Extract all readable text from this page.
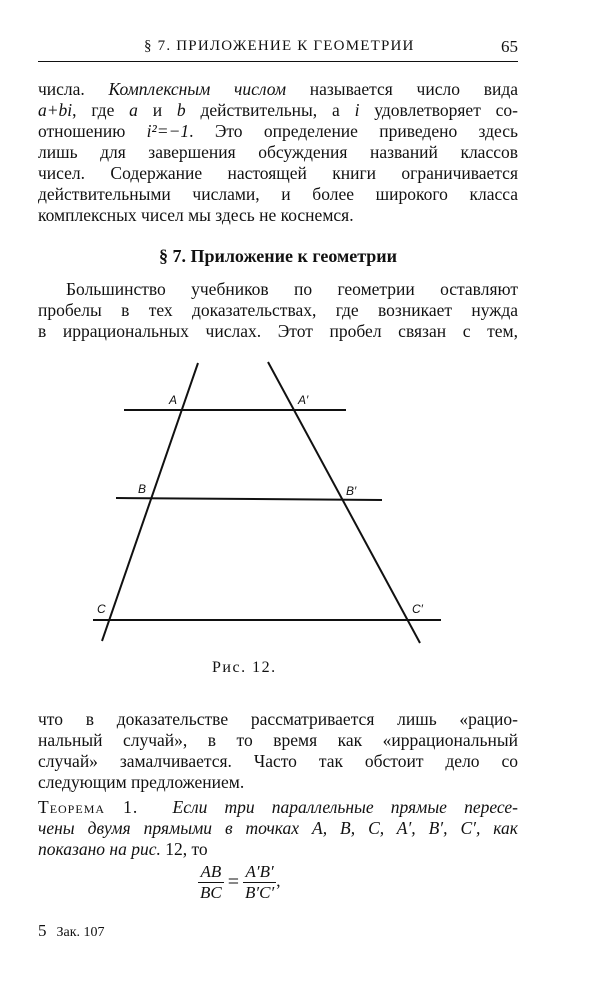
§ 7. ПРИЛОЖЕНИЕ К ГЕОМЕТРИИ	65
числа. Комплексным числом называется число вида
a+bi, где a и b действительны, а i удовлетворяет со-
отношению i²=−1. Это определение приведено здесь
лишь для завершения обсуждения названий классов
чисел. Содержание настоящей книги ограничивается
действительными числами, и более широкого класса
комплексных чисел мы здесь не коснемся.
§ 7. Приложение к геометрии
Большинство учебников по геометрии оставляют
пробелы в тех доказательствах, где возникает нужда
в иррациональных числах. Этот пробел связан с тем,
A	A′
B	B′
C	C′
Рис. 12.
что в доказательстве рассматривается лишь «рацио-
нальный случай», в то время как «иррациональный
случай» замалчивается. Часто так обстоит дело со
следующим предложением.
Теорема 1. Если три параллельные прямые пересе-
чены двумя прямыми в точках A, B, C, A′, B′, C′, как
показано на рис. 12, то
$\frac{AB}{BC} = \frac{A'B'}{B'C'}$ ,
5 Зак. 107
